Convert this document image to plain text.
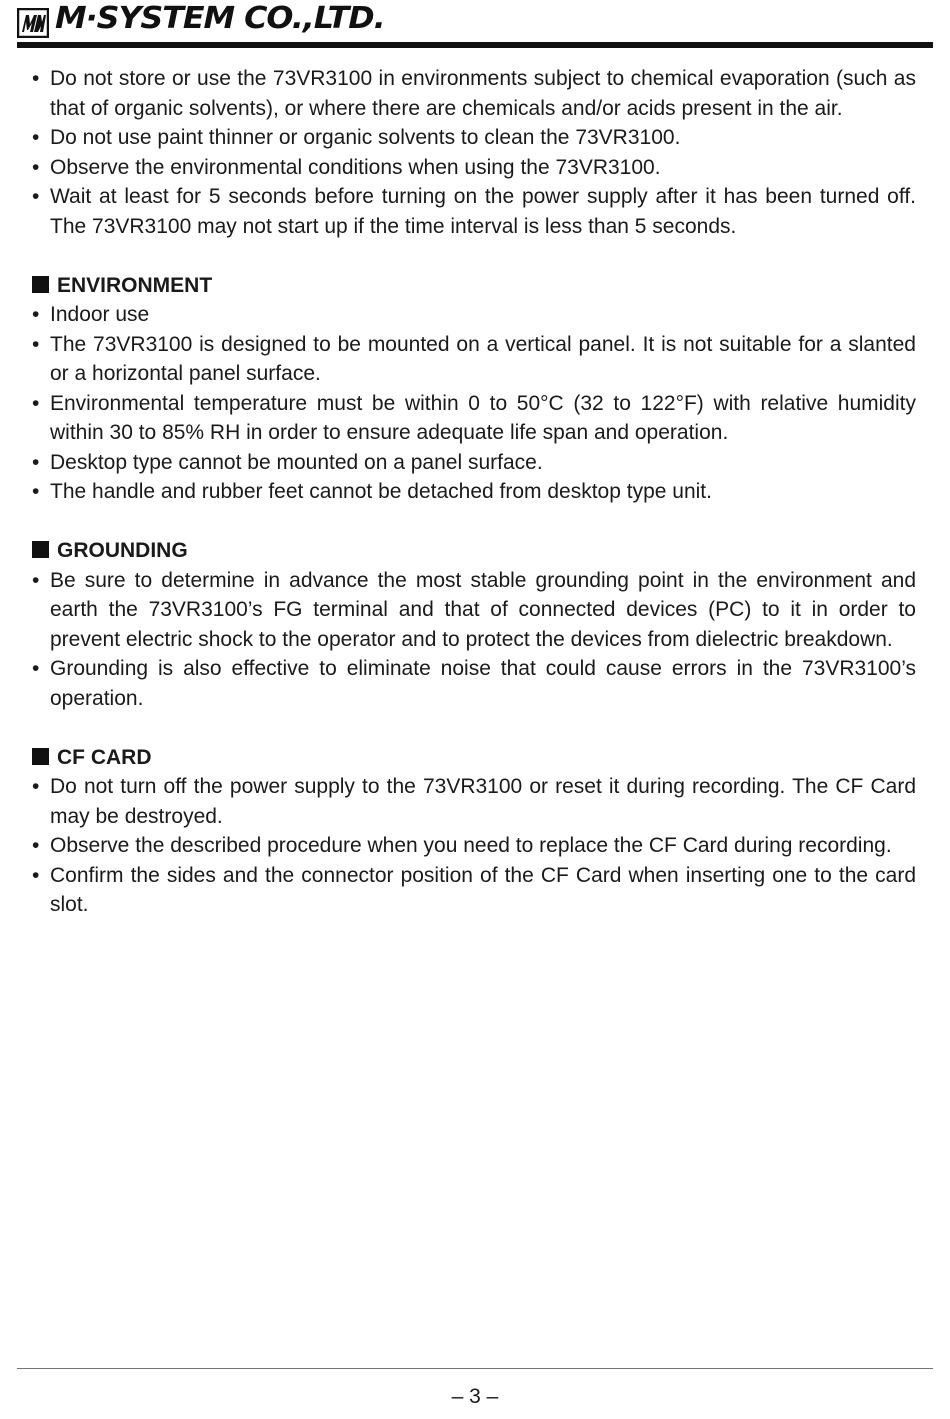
M·SYSTEM CO.,LTD.
• Do not store or use the 73VR3100 in environments subject to chemical evaporation (such as that of organic solvents), or where there are chemicals and/or acids present in the air.
• Do not use paint thinner or organic solvents to clean the 73VR3100.
• Observe the environmental conditions when using the 73VR3100.
• Wait at least for 5 seconds before turning on the power supply after it has been turned off. The 73VR3100 may not start up if the time interval is less than 5 seconds.
ENVIRONMENT
• Indoor use
• The 73VR3100 is designed to be mounted on a vertical panel. It is not suitable for a slanted or a horizontal panel surface.
• Environmental temperature must be within 0 to 50°C (32 to 122°F) with relative humidity within 30 to 85% RH in order to ensure adequate life span and operation.
• Desktop type cannot be mounted on a panel surface.
• The handle and rubber feet cannot be detached from desktop type unit.
GROUNDING
• Be sure to determine in advance the most stable grounding point in the environment and earth the 73VR3100’s FG terminal and that of connected devices (PC) to it in order to prevent electric shock to the operator and to protect the devices from dielectric breakdown.
• Grounding is also effective to eliminate noise that could cause errors in the 73VR3100’s operation.
CF CARD
• Do not turn off the power supply to the 73VR3100 or reset it during recording. The CF Card may be destroyed.
• Observe the described procedure when you need to replace the CF Card during recording.
• Confirm the sides and the connector position of the CF Card when inserting one to the card slot.
– 3 –
